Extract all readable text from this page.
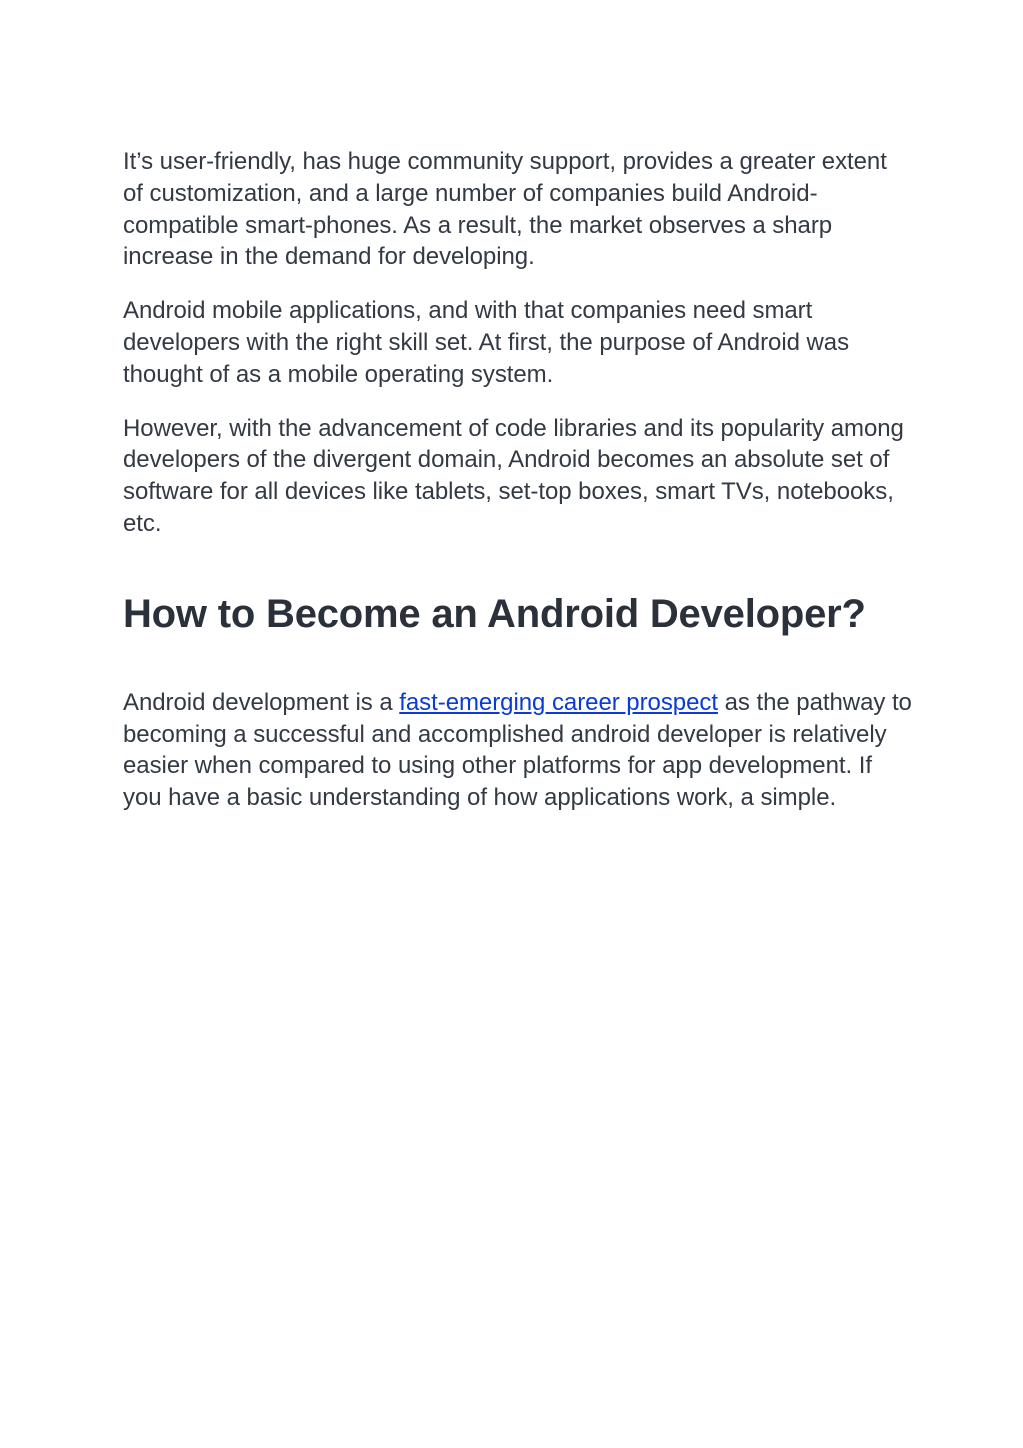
It’s user-friendly, has huge community support, provides a greater extent of customization, and a large number of companies build Android-compatible smart-phones. As a result, the market observes a sharp increase in the demand for developing.

Android mobile applications, and with that companies need smart developers with the right skill set. At first, the purpose of Android was thought of as a mobile operating system.

However, with the advancement of code libraries and its popularity among developers of the divergent domain, Android becomes an absolute set of software for all devices like tablets, set-top boxes, smart TVs, notebooks, etc.

How to Become an Android Developer?

Android development is a fast-emerging career prospect as the pathway to becoming a successful and accomplished android developer is relatively easier when compared to using other platforms for app development. If you have a basic understanding of how applications work, a simple.
